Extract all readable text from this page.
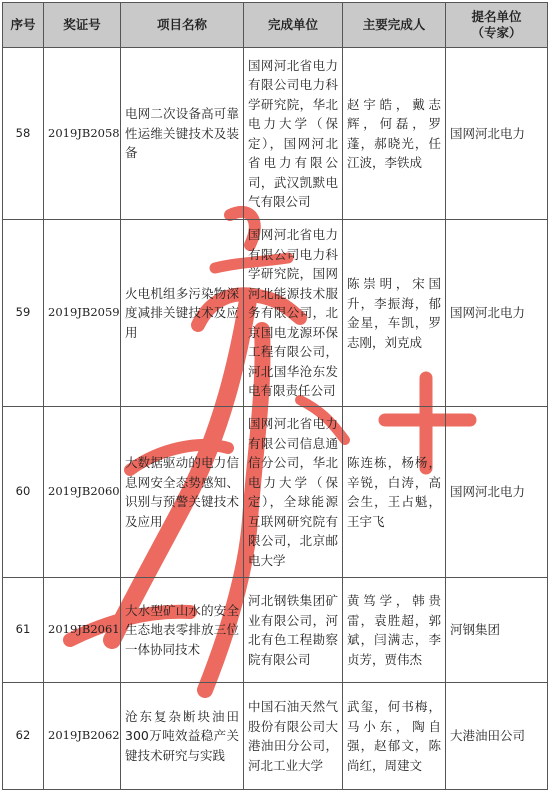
序号	奖证号	项目名称	完成单位	主要完成人	提名单位
（专家）
58	2019JB2058	电网二次设备高可靠性运维关键技术及装备	国网河北省电力有限公司电力科学研究院，华北电力大学（保定），国网河北省电力有限公司，武汉凯默电气有限公司	赵宇皓，戴志辉，何磊，罗蓬，郝晓光，任江波，李铁成	国网河北电力
59	2019JB2059	火电机组多污染物深度减排关键技术及应用	国网河北省电力有限公司电力科学研究院，国网河北能源技术服务有限公司，北京国电龙源环保工程有限公司，河北国华沧东发电有限责任公司	陈崇明，宋国升，李振海，郁金星，车凯，罗志刚，刘克成	国网河北电力
60	2019JB2060	大数据驱动的电力信息网安全态势感知、识别与预警关键技术及应用	国网河北省电力有限公司信息通信分公司，华北电力大学（保定），全球能源互联网研究院有限公司，北京邮电大学	陈连栋，杨杨，辛锐，白涛，高会生，王占魁，王宇飞	国网河北电力
61	2019JB2061	大水型矿山水的安全生态地表零排放三位一体协同技术	河北钢铁集团矿业有限公司，河北有色工程勘察院有限公司	黄笃学，韩贵雷，袁胜超，郭斌，闫满志，李贞芳，贾伟杰	河钢集团
62	2019JB2062	沧东复杂断块油田300万吨效益稳产关键技术研究与实践	中国石油天然气股份有限公司大港油田分公司，河北工业大学	武玺，何书梅，马小东，陶自强，赵郁文，陈尚红，周建文	大港油田公司
